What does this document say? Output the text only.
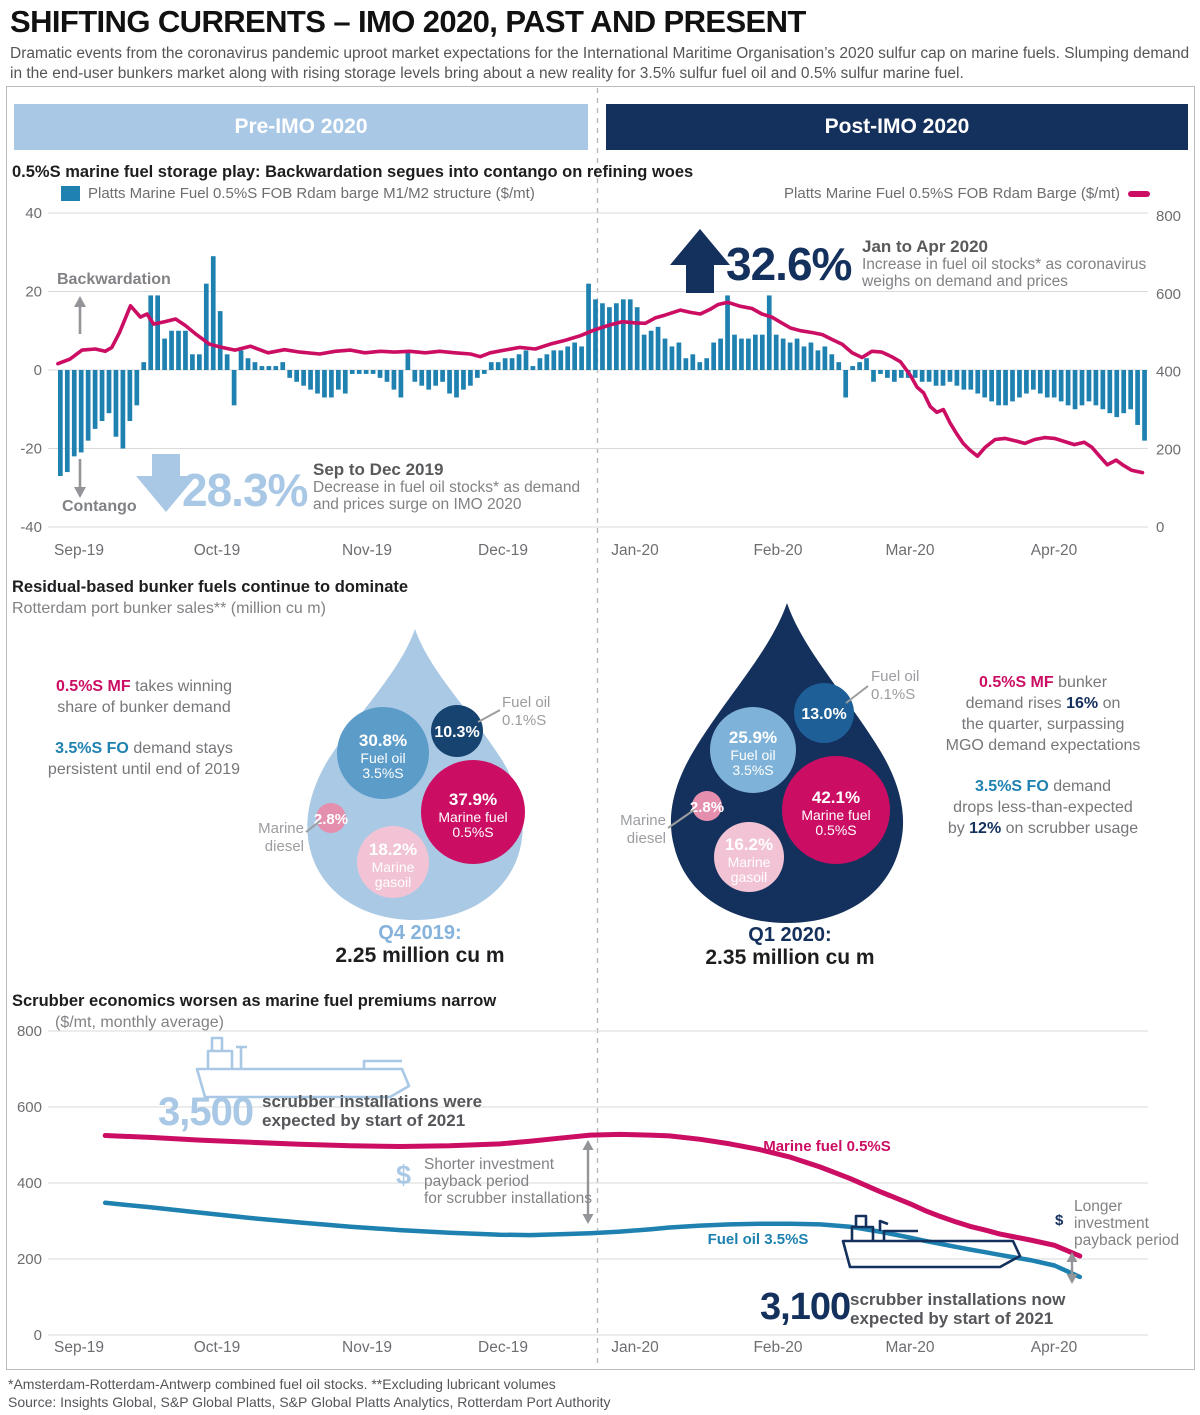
SHIFTING CURRENTS – IMO 2020, PAST AND PRESENT
Dramatic events from the coronavirus pandemic uproot market expectations for the International Maritime Organisation’s 2020 sulfur cap on marine fuels. Slumping demand in the end-user bunkers market along with rising storage levels bring about a new reality for 3.5% sulfur fuel oil and 0.5% sulfur marine fuel.
40
20
0
-20
-40
800
600
400
200
0
Sep-19	Oct-19	Nov-19	Dec-19	Jan-20	Feb-20	Mar-20	Apr-20
30.8% Fuel oil 3.5%S
10.3%
37.9% Marine fuel 0.5%S
2.8%
18.2% Marine gasoil
25.9% Fuel oil 3.5%S
13.0%
42.1% Marine fuel 0.5%S
2.8%
16.2% Marine gasoil
800
600
400
200
0
Sep-19	Oct-19	Nov-19	Dec-19	Jan-20	Feb-20	Mar-20	Apr-20
Pre-IMO 2020	Post-IMO 2020
0.5%S marine fuel storage play: Backwardation segues into contango on refining woes
Platts Marine Fuel 0.5%S FOB Rdam barge M1/M2 structure ($/mt)	Platts Marine Fuel 0.5%S FOB Rdam Barge ($/mt)
Backwardation
Contango
32.6% Jan to Apr 2020
Increase in fuel oil stocks* as coronavirus
weighs on demand and prices
28.3% Sep to Dec 2019
Decrease in fuel oil stocks* as demand
and prices surge on IMO 2020
Residual-based bunker fuels continue to dominate
Rotterdam port bunker sales** (million cu m)

0.5%S MF takes winning
share of bunker demand

3.5%S FO demand stays
persistent until end of 2019

0.5%S MF bunker
demand rises 16% on
the quarter, surpassing
MGO demand expectations

3.5%S FO demand
drops less-than-expected
by 12% on scrubber usage

Fuel oil
0.1%S
Marine
diesel
Fuel oil
0.1%S
Marine
diesel
Q4 2019:
2.25 million cu m
Q1 2020:
2.35 million cu m
Scrubber economics worsen as marine fuel premiums narrow
($/mt, monthly average)
3,500 scrubber installations were
expected by start of 2021
Shorter investment
payback period
for scrubber installations
$
Longer
investment
payback period
$
Marine fuel 0.5%S
Fuel oil 3.5%S
3,100 scrubber installations now
expected by start of 2021
*Amsterdam-Rotterdam-Antwerp combined fuel oil stocks. **Excluding lubricant volumes
Source: Insights Global, S&P Global Platts, S&P Global Platts Analytics, Rotterdam Port Authority
